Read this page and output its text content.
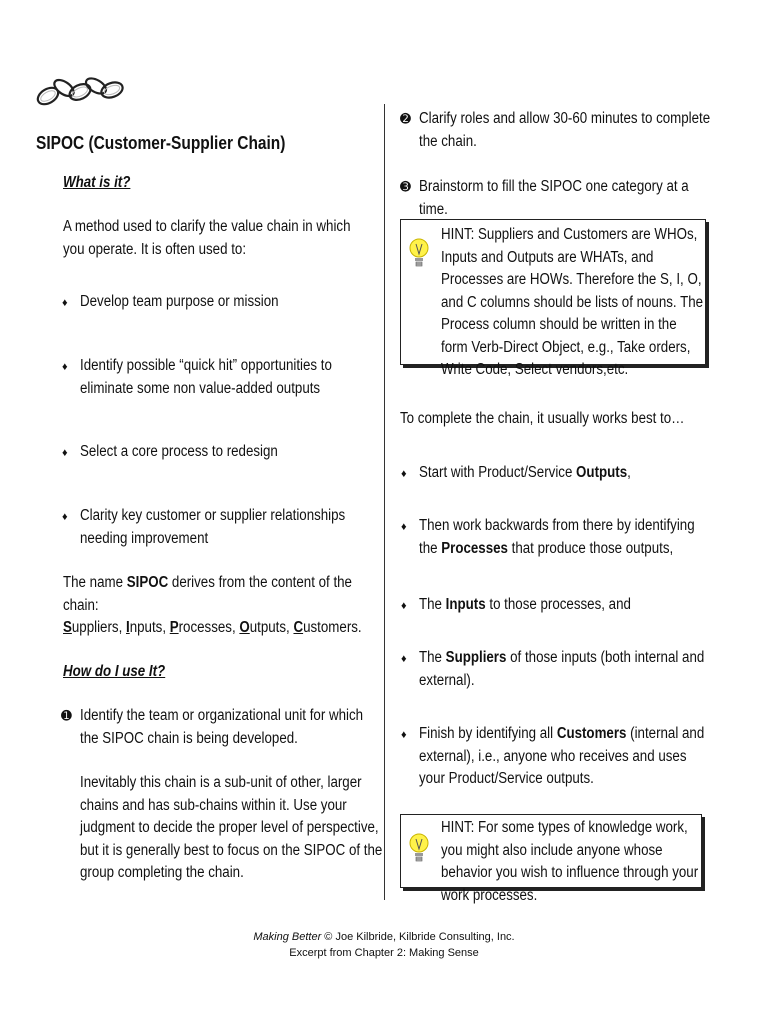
SIPOC (Customer-Supplier Chain)
What is it?
A method used to clarify the value chain in which you operate. It is often used to:
♦ Develop team purpose or mission
♦ Identify possible “quick hit” opportunities to eliminate some non value-added outputs
♦ Select a core process to redesign
♦ Clarity key customer or supplier relationships needing improvement
The name SIPOC derives from the content of the chain:
Suppliers, Inputs, Processes, Outputs, Customers.
How do I use It?
➊ Identify the team or organizational unit for which the SIPOC chain is being developed.
Inevitably this chain is a sub-unit of other, larger chains and has sub-chains within it. Use your judgment to decide the proper level of perspective, but it is generally best to focus on the SIPOC of the group completing the chain.
➋ Clarify roles and allow 30-60 minutes to complete the chain.
➌ Brainstorm to fill the SIPOC one category at a time.
HINT: Suppliers and Customers are WHOs, Inputs and Outputs are WHATs, and Processes are HOWs. Therefore the S, I, O, and C columns should be lists of nouns. The Process column should be written in the form Verb-Direct Object, e.g., Take orders, Write Code, Select vendors,etc.
To complete the chain, it usually works best to…
♦ Start with Product/Service Outputs,
♦ Then work backwards from there by identifying the Processes that produce those outputs,
♦ The Inputs to those processes, and
♦ The Suppliers of those inputs (both internal and external).
♦ Finish by identifying all Customers (internal and external), i.e., anyone who receives and uses your Product/Service outputs.
HINT: For some types of knowledge work, you might also include anyone whose behavior you wish to influence through your work processes.
Making Better © Joe Kilbride, Kilbride Consulting, Inc.
Excerpt from Chapter 2: Making Sense
